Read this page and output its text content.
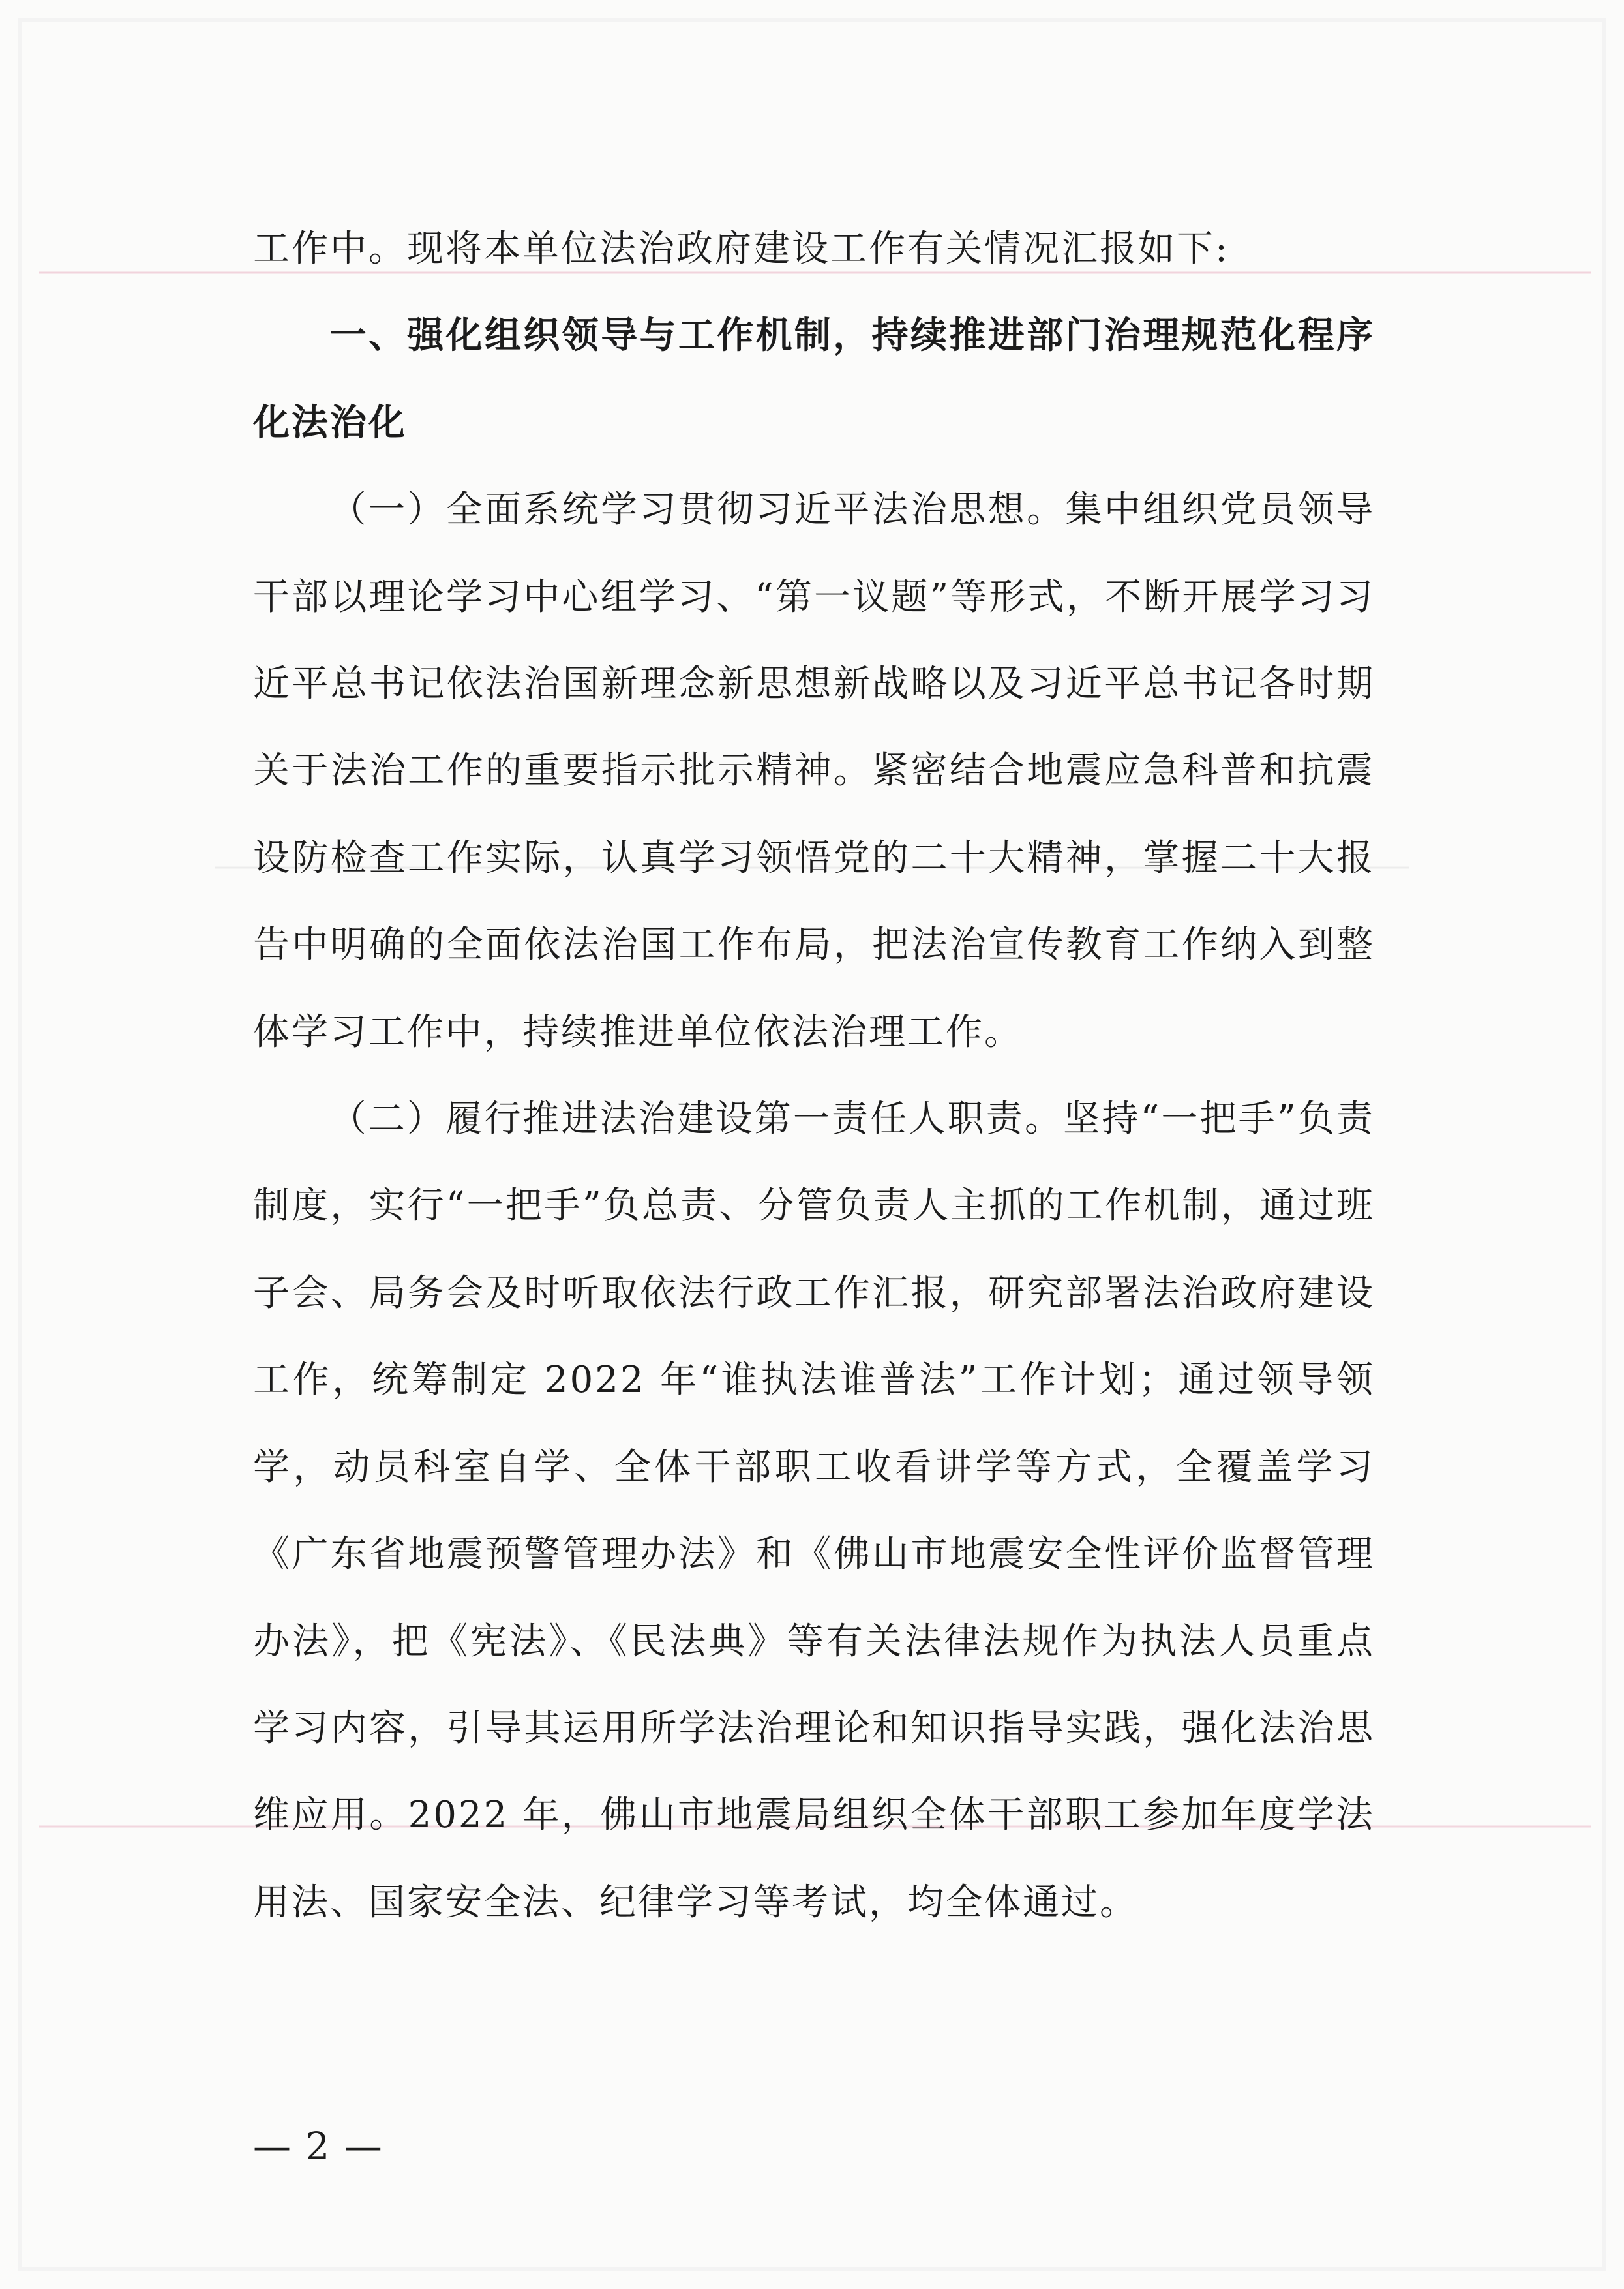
工作中。现将本单位法治政府建设工作有关情况汇报如下:

一、强化组织领导与工作机制，持续推进部门治理规范化程序化法治化

（一）全面系统学习贯彻习近平法治思想。集中组织党员领导干部以理论学习中心组学习、“第一议题”等形式，不断开展学习习近平总书记依法治国新理念新思想新战略以及习近平总书记各时期关于法治工作的重要指示批示精神。紧密结合地震应急科普和抗震设防检查工作实际，认真学习领悟党的二十大精神，掌握二十大报告中明确的全面依法治国工作布局，把法治宣传教育工作纳入到整体学习工作中，持续推进单位依法治理工作。

（二）履行推进法治建设第一责任人职责。坚持“一把手”负责制度，实行“一把手”负总责、分管负责人主抓的工作机制，通过班子会、局务会及时听取依法行政工作汇报，研究部署法治政府建设工作，统筹制定 2022 年“谁执法谁普法”工作计划；通过领导领学，动员科室自学、全体干部职工收看讲学等方式，全覆盖学习《广东省地震预警管理办法》和《佛山市地震安全性评价监督管理办法》，把《宪法》、《民法典》等有关法律法规作为执法人员重点学习内容，引导其运用所学法治理论和知识指导实践，强化法治思维应用。2022 年，佛山市地震局组织全体干部职工参加年度学法用法、国家安全法、纪律学习等考试，均全体通过。

— 2 —
